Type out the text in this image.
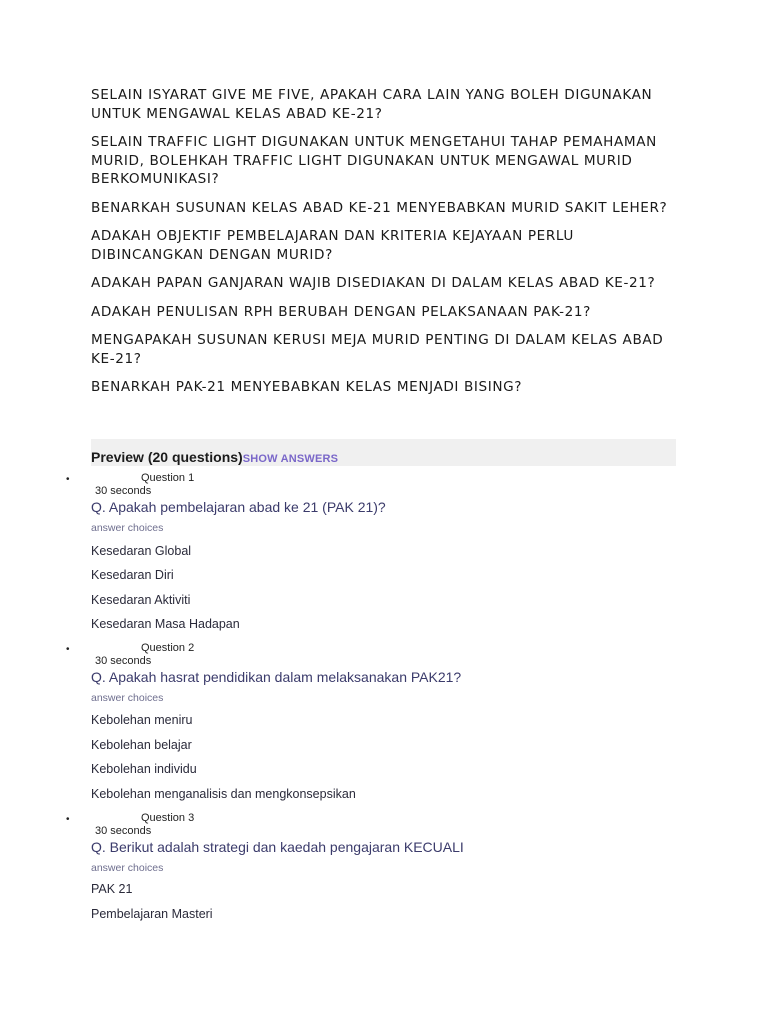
SELAIN ISYARAT GIVE ME FIVE, APAKAH CARA LAIN YANG BOLEH DIGUNAKAN UNTUK MENGAWAL KELAS ABAD KE-21?

SELAIN TRAFFIC LIGHT DIGUNAKAN UNTUK MENGETAHUI TAHAP PEMAHAMAN MURID, BOLEHKAH TRAFFIC LIGHT DIGUNAKAN UNTUK MENGAWAL MURID BERKOMUNIKASI?

BENARKAH SUSUNAN KELAS ABAD KE-21 MENYEBABKAN MURID SAKIT LEHER?

ADAKAH OBJEKTIF PEMBELAJARAN DAN KRITERIA KEJAYAAN PERLU DIBINCANGKAN DENGAN MURID?

ADAKAH PAPAN GANJARAN WAJIB DISEDIAKAN DI DALAM KELAS ABAD KE-21?

ADAKAH PENULISAN RPH BERUBAH DENGAN PELAKSANAAN PAK-21?

MENGAPAKAH SUSUNAN KERUSI MEJA MURID PENTING DI DALAM KELAS ABAD KE-21?

BENARKAH PAK-21 MENYEBABKAN KELAS MENJADI BISING?

Preview (20 questions)SHOW ANSWERS
•	Question 1
30 seconds
Q. Apakah pembelajaran abad ke 21 (PAK 21)?
answer choices
Kesedaran Global
Kesedaran Diri
Kesedaran Aktiviti
Kesedaran Masa Hadapan
•	Question 2
30 seconds
Q. Apakah hasrat pendidikan dalam melaksanakan PAK21?
answer choices
Kebolehan meniru
Kebolehan belajar
Kebolehan individu
Kebolehan menganalisis dan mengkonsepsikan
•	Question 3
30 seconds
Q. Berikut adalah strategi dan kaedah pengajaran KECUALI
answer choices
PAK 21
Pembelajaran Masteri
